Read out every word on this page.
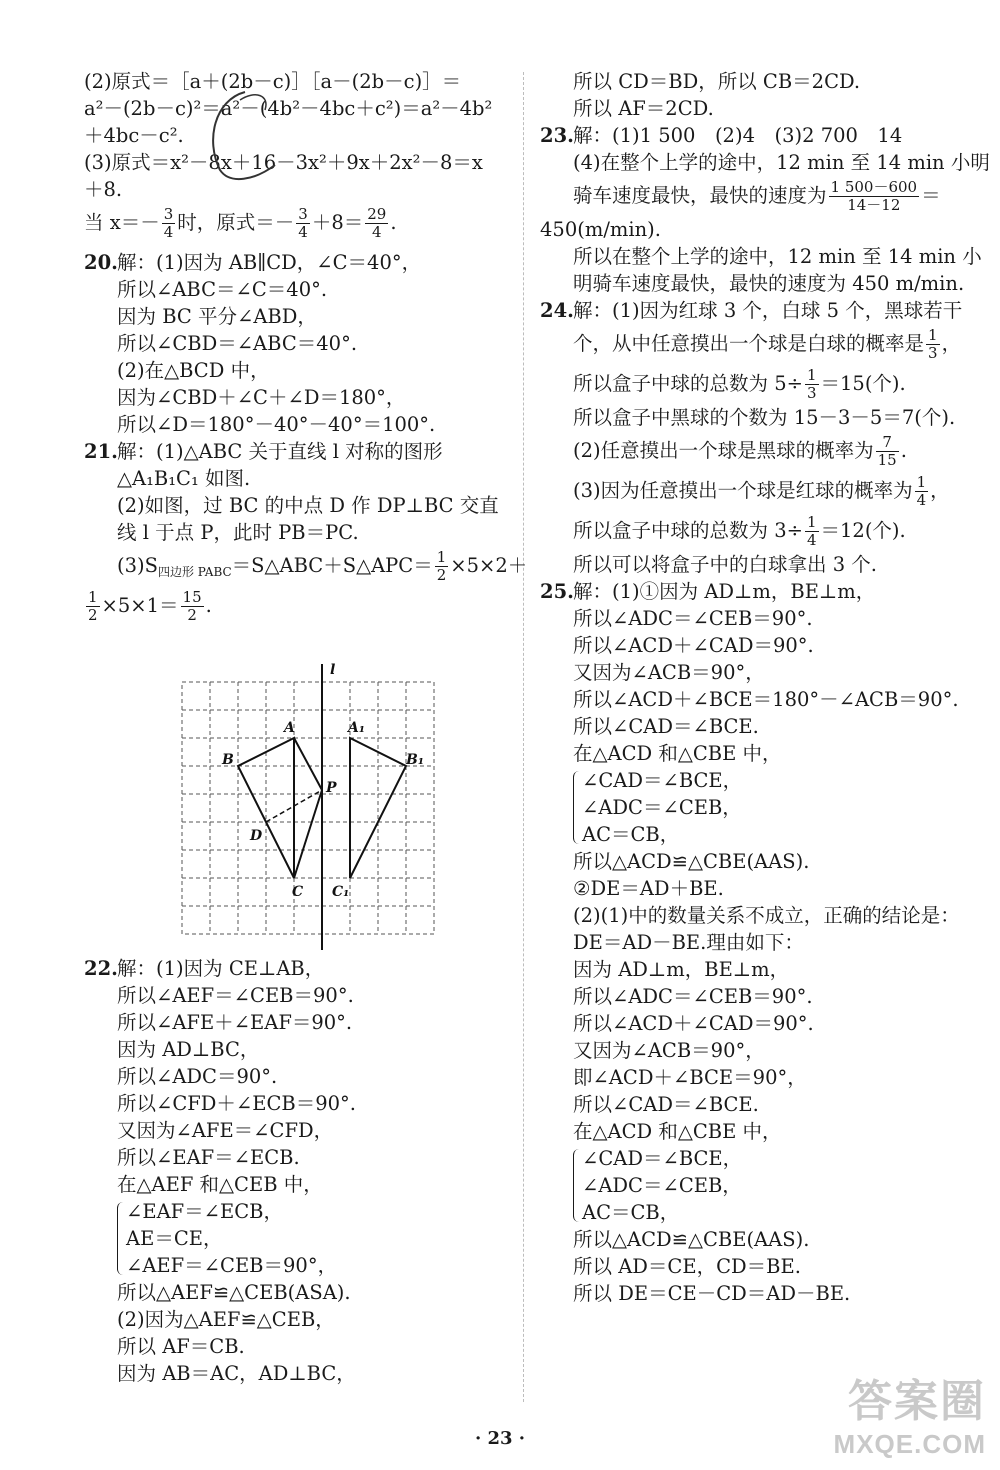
(2)原式＝［a＋(2b－c)］［a－(2b－c)］＝
a²－(2b－c)²＝a²－(4b²－4bc＋c²)＝a²－4b²
＋4bc－c².
(3)原式＝x²－8x＋16－3x²＋9x＋2x²－8＝x
＋8.
当 $x=- \frac{3}{4}$ 时，原式＝－ $\frac{3}{4} +8= \frac{29}{4}$ .
20.解：(1)因为 AB∥CD，∠C＝40°，
所以∠ABC＝∠C＝40°.
因为 BC 平分∠ABD，
所以∠CBD＝∠ABC＝40°.
(2)在△BCD 中，
因为∠CBD＋∠C＋∠D＝180°，
所以∠D＝180°－40°－40°＝100°.
21.解：(1)△ABC 关于直线 l 对称的图形
△A₁B₁C₁ 如图.
(2)如图，过 BC 的中点 D 作 DP⊥BC 交直
线 l 于点 P，此时 PB＝PC.
$(3)S_{四边形 PABC}=S\triangle ABC+S\triangle APC= \frac{1}{2} \times 5\times 2+$
$\frac{1}{2} \times 5\times 1= \frac{15}{2}$ .
l
A
B
P
D
C
A₁
B₁
C₁
22.解：(1)因为 CE⊥AB，
所以∠AEF＝∠CEB＝90°.
所以∠AFE＋∠EAF＝90°.
因为 AD⊥BC，
所以∠ADC＝90°.
所以∠CFD＋∠ECB＝90°.
又因为∠AFE＝∠CFD，
所以∠EAF＝∠ECB.
在△AEF 和△CEB 中，
∠EAF＝∠ECB，
AE＝CE，
∠AEF＝∠CEB＝90°，
所以△AEF≌△CEB(ASA).
(2)因为△AEF≌△CEB，
所以 AF＝CB.
因为 AB＝AC，AD⊥BC，
所以 CD＝BD，所以 CB＝2CD.
所以 AF＝2CD.
23.解：(1)1 500　(2)4　(3)2 700　14
(4)在整个上学的途中，12 min 至 14 min 小明
骑车速度最快，最快的速度为 $\frac{1 500-600}{14-12}$ ＝
450(m/min).
所以在整个上学的途中，12 min 至 14 min 小
明骑车速度最快，最快的速度为 450 m/min.
24.解：(1)因为红球 3 个，白球 5 个，黑球若干
个，从中任意摸出一个球是白球的概率是 $\frac{1}{3}$ ，
所以盒子中球的总数为 $5\div \frac{1}{3} =15$(个).
所以盒子中黑球的个数为 15－3－5＝7(个).
(2)任意摸出一个球是黑球的概率为 $\frac{7}{15}$ .
(3)因为任意摸出一个球是红球的概率为 $\frac{1}{4}$ ，
所以盒子中球的总数为 $3\div \frac{1}{4} =12$(个).
所以可以将盒子中的白球拿出 3 个.
25.解：(1)①因为 AD⊥m，BE⊥m，
所以∠ADC＝∠CEB＝90°.
所以∠ACD＋∠CAD＝90°.
又因为∠ACB＝90°，
所以∠ACD＋∠BCE＝180°－∠ACB＝90°.
所以∠CAD＝∠BCE.
在△ACD 和△CBE 中，
∠CAD＝∠BCE，
∠ADC＝∠CEB，
AC＝CB，
所以△ACD≌△CBE(AAS).
②DE＝AD＋BE.
(2)(1)中的数量关系不成立，正确的结论是：
DE＝AD－BE.理由如下：
因为 AD⊥m，BE⊥m，
所以∠ADC＝∠CEB＝90°.
所以∠ACD＋∠CAD＝90°.
又因为∠ACB＝90°，
即∠ACD＋∠BCE＝90°，
所以∠CAD＝∠BCE.
在△ACD 和△CBE 中，
∠CAD＝∠BCE，
∠ADC＝∠CEB，
AC＝CB，
所以△ACD≌△CBE(AAS).
所以 AD＝CE，CD＝BE.
所以 DE＝CE－CD＝AD－BE.
· 23 ·
答案圈
MXQE.COM
